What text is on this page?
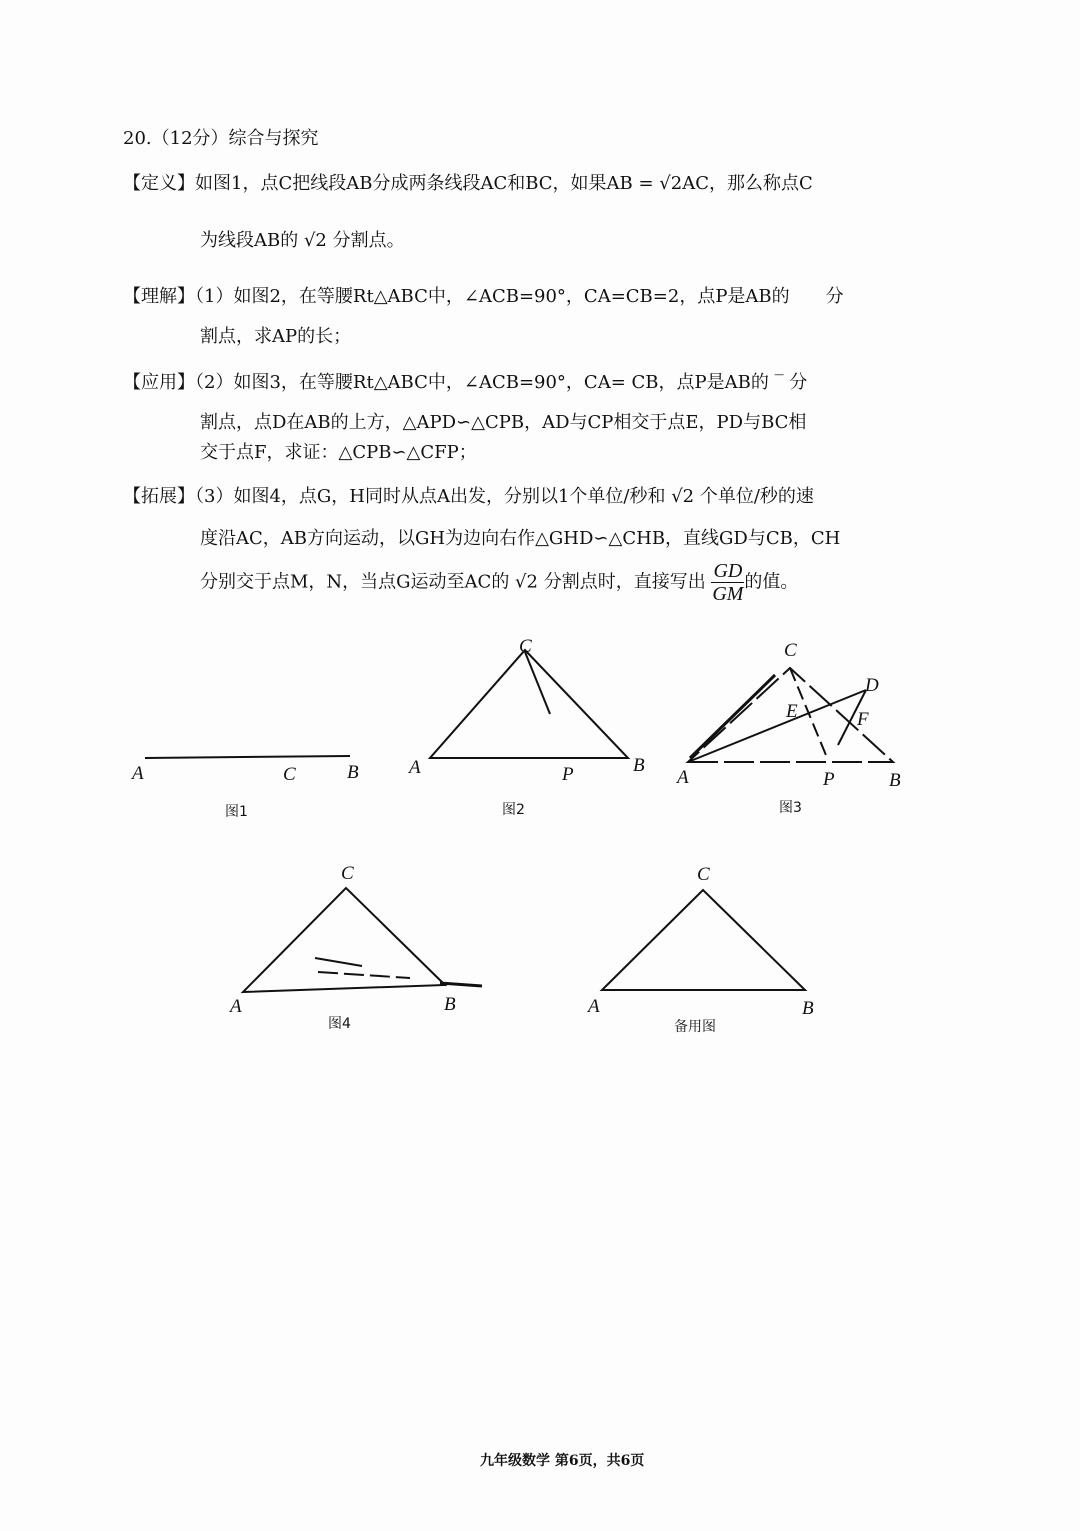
20.（12分）综合与探究
【定义】如图1，点C把线段AB分成两条线段AC和BC，如果AB = √2AC，那么称点C
为线段AB的 √2 分割点。
【理解】（1）如图2，在等腰Rt△ABC中，∠ACB=90°，CA=CB=2，点P是AB的　　分
割点，求AP的长；
【应用】（2）如图3，在等腰Rt△ABC中，∠ACB=90°，CA= CB，点P是AB的 ‾ 分
割点，点D在AB的上方，△APD∽△CPB，AD与CP相交于点E，PD与BC相
交于点F，求证：△CPB∽△CFP；
【拓展】（3）如图4，点G，H同时从点A出发，分别以1个单位/秒和 √2 个单位/秒的速
度沿AC，AB方向运动，以GH为边向右作△GHD∽△CHB，直线GD与CB，CH
分别交于点M，N，当点G运动至AC的 √2 分割点时，直接写出 $\frac{GD}{GM}$ 的值。
A	C	B
图1
A	P	B
C
图2
C
D
E	F
A	P	B
图3
C
A	B
图4
C
A	B
备用图
九年级数学 第6页，共6页
